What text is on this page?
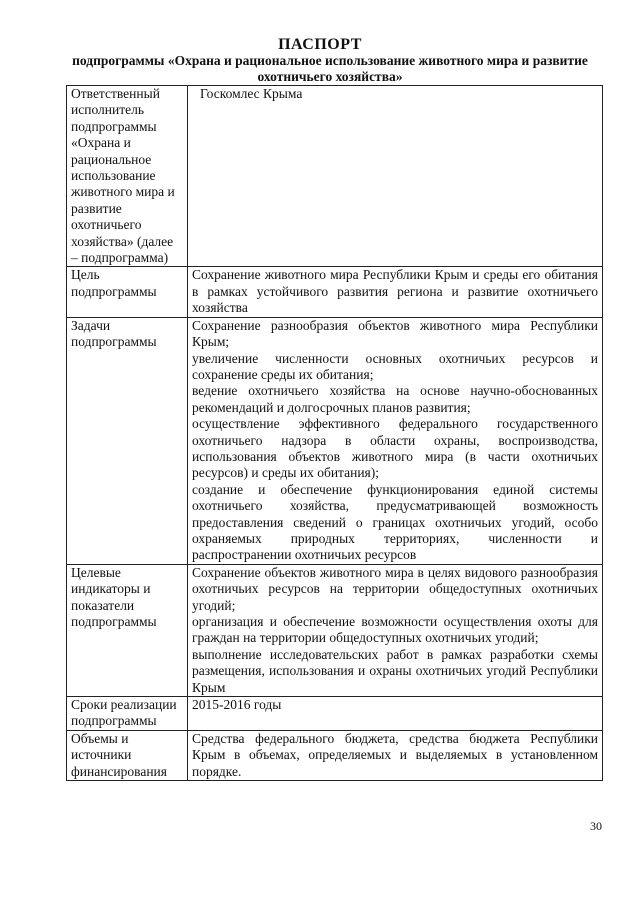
ПАСПОРТ
подпрограммы «Охрана и рациональное использование животного мира и развитие охотничьего хозяйства»
Ответственный исполнитель подпрограммы «Охрана и рациональное использование животного мира и развитие охотничьего хозяйства» (далее – подпрограмма)	Госкомлес Крыма

Цель подпрограммы	Сохранение животного мира Республики Крым и среды его обитания в рамках устойчивого развития региона и развитие охотничьего хозяйства

Задачи подпрограммы	Сохранение разнообразия объектов животного мира Республики Крым;
увеличение численности основных охотничьих ресурсов и сохранение среды их обитания;
ведение охотничьего хозяйства на основе научно-обоснованных рекомендаций и долгосрочных планов развития;
осуществление эффективного федерального государственного охотничьего надзора в области охраны, воспроизводства, использования объектов животного мира (в части охотничьих ресурсов) и среды их обитания);
создание и обеспечение функционирования единой системы охотничьего хозяйства, предусматривающей возможность предоставления сведений о границах охотничьих угодий, особо охраняемых природных территориях, численности и распространении охотничьих ресурсов

Целевые индикаторы и показатели подпрограммы	Сохранение объектов животного мира в целях видового разнообразия охотничьих ресурсов на территории общедоступных охотничьих угодий;
организация и обеспечение возможности осуществления охоты для граждан на территории общедоступных охотничьих угодий;
выполнение исследовательских работ в рамках разработки схемы размещения, использования и охраны охотничьих угодий Республики Крым

Сроки реализации подпрограммы	2015-2016 годы

Объемы и источники финансирования	Средства федерального бюджета, средства бюджета Республики Крым в объемах, определяемых и выделяемых в установленном порядке.
30
